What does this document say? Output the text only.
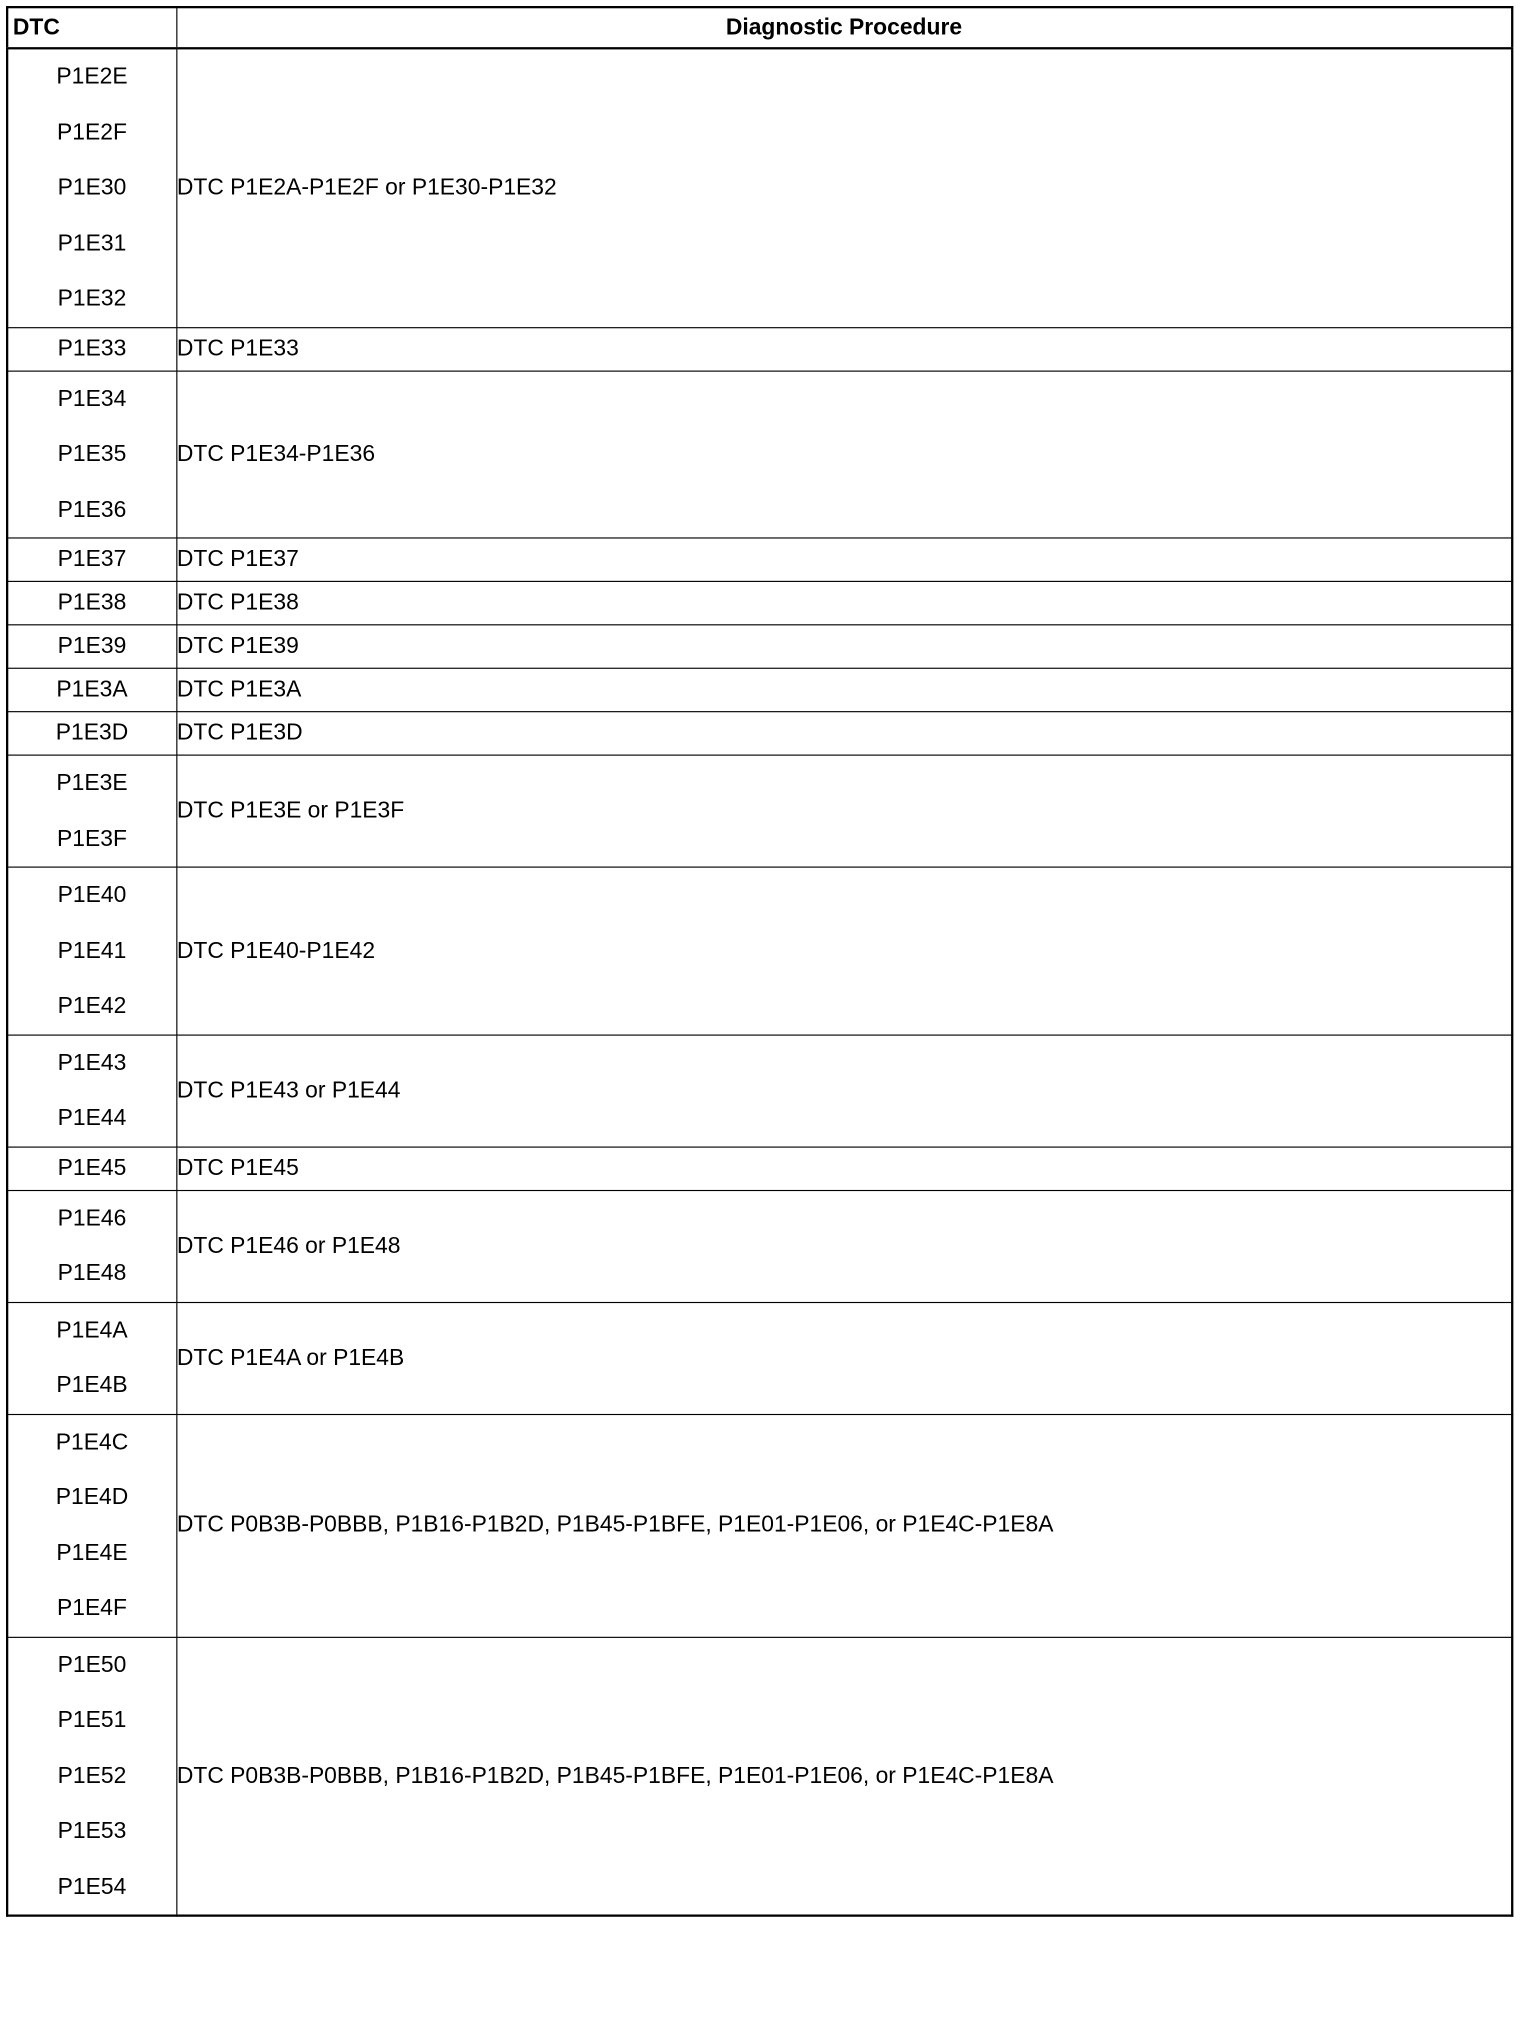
DTC	Diagnostic Procedure

P1E2E
P1E2F
P1E30
P1E31
P1E32	DTC P1E2A-P1E2F or P1E30-P1E32

P1E33	DTC P1E33

P1E34
P1E35
P1E36	DTC P1E34-P1E36

P1E37	DTC P1E37

P1E38	DTC P1E38

P1E39	DTC P1E39

P1E3A	DTC P1E3A

P1E3D	DTC P1E3D

P1E3E
P1E3F	DTC P1E3E or P1E3F

P1E40
P1E41
P1E42	DTC P1E40-P1E42

P1E43
P1E44	DTC P1E43 or P1E44

P1E45	DTC P1E45

P1E46
P1E48	DTC P1E46 or P1E48

P1E4A
P1E4B	DTC P1E4A or P1E4B

P1E4C
P1E4D
P1E4E
P1E4F	DTC P0B3B-P0BBB, P1B16-P1B2D, P1B45-P1BFE, P1E01-P1E06, or P1E4C-P1E8A

P1E50
P1E51
P1E52
P1E53
P1E54	DTC P0B3B-P0BBB, P1B16-P1B2D, P1B45-P1BFE, P1E01-P1E06, or P1E4C-P1E8A
